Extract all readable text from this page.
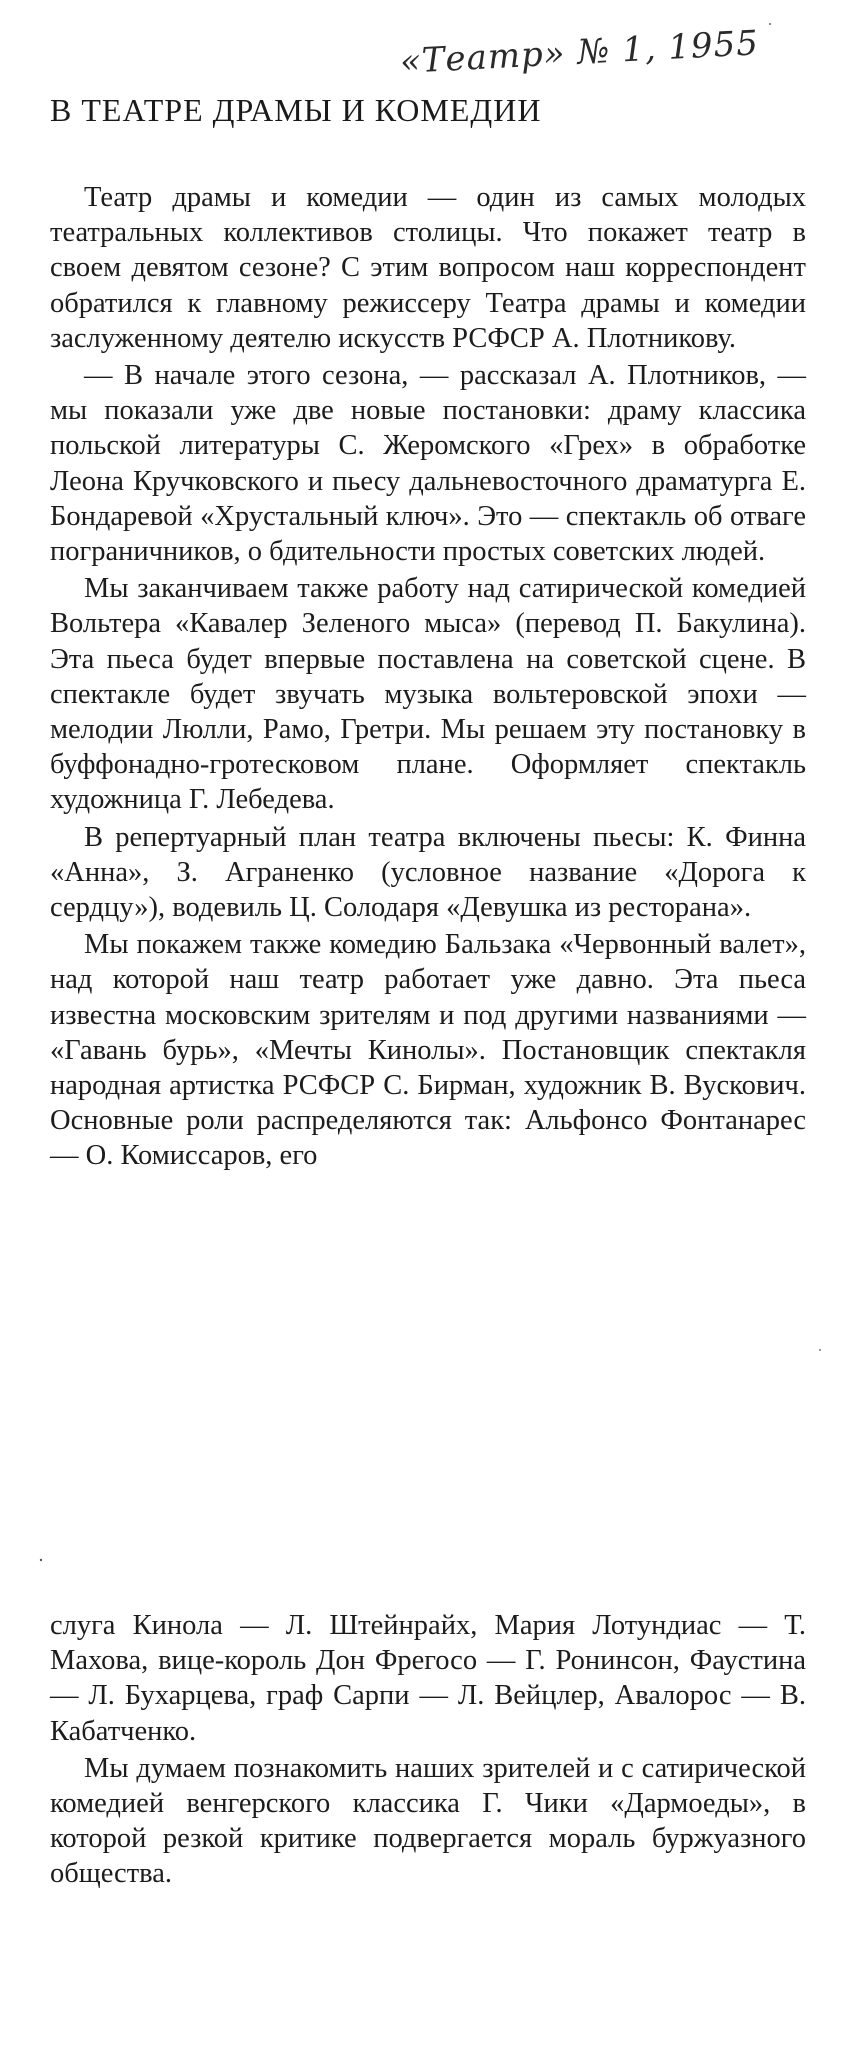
«Театр» № 1, 1955
В ТЕАТРЕ ДРАМЫ И КОМЕДИИ

Театр драмы и комедии — один из самых молодых театральных коллективов столицы. Что покажет театр в своем девятом сезоне? С этим вопросом наш корреспондент обратился к главному режиссеру Театра драмы и комедии заслуженному деятелю искусств РСФСР А. Плотникову.

— В начале этого сезона, — рассказал А. Плотников, — мы показали уже две новые постановки: драму классика польской литературы С. Жеромского «Грех» в обработке Леона Кручковского и пьесу дальневосточного драматурга Е. Бондаревой «Хрустальный ключ». Это — спектакль об отваге пограничников, о бдительности простых советских людей.

Мы заканчиваем также работу над сатирической комедией Вольтера «Кавалер Зеленого мыса» (перевод П. Бакулина). Эта пьеса будет впервые поставлена на советской сцене. В спектакле будет звучать музыка вольтеровской эпохи — мелодии Люлли, Рамо, Гретри. Мы решаем эту постановку в буффонадно-гротесковом плане. Оформляет спектакль художница Г. Лебедева.

В репертуарный план театра включены пьесы: К. Финна «Анна», З. Аграненко (условное название «Дорога к сердцу»), водевиль Ц. Солодаря «Девушка из ресторана».

Мы покажем также комедию Бальзака «Червонный валет», над которой наш театр работает уже давно. Эта пьеса известна московским зрителям и под другими названиями — «Гавань бурь», «Мечты Кинолы». Постановщик спектакля народная артистка РСФСР С. Бирман, художник В. Вускович. Основные роли распределяются так: Альфонсо Фонтанарес — О. Комиссаров, его

слуга Кинола — Л. Штейнрайх, Мария Лотундиас — Т. Махова, вице-король Дон Фрегосо — Г. Ронинсон, Фаустина — Л. Бухарцева, граф Сарпи — Л. Вейцлер, Авалорос — В. Кабатченко.

Мы думаем познакомить наших зрителей и с сатирической комедией венгерского классика Г. Чики «Дармоеды», в которой резкой критике подвергается мораль буржуазного общества.
